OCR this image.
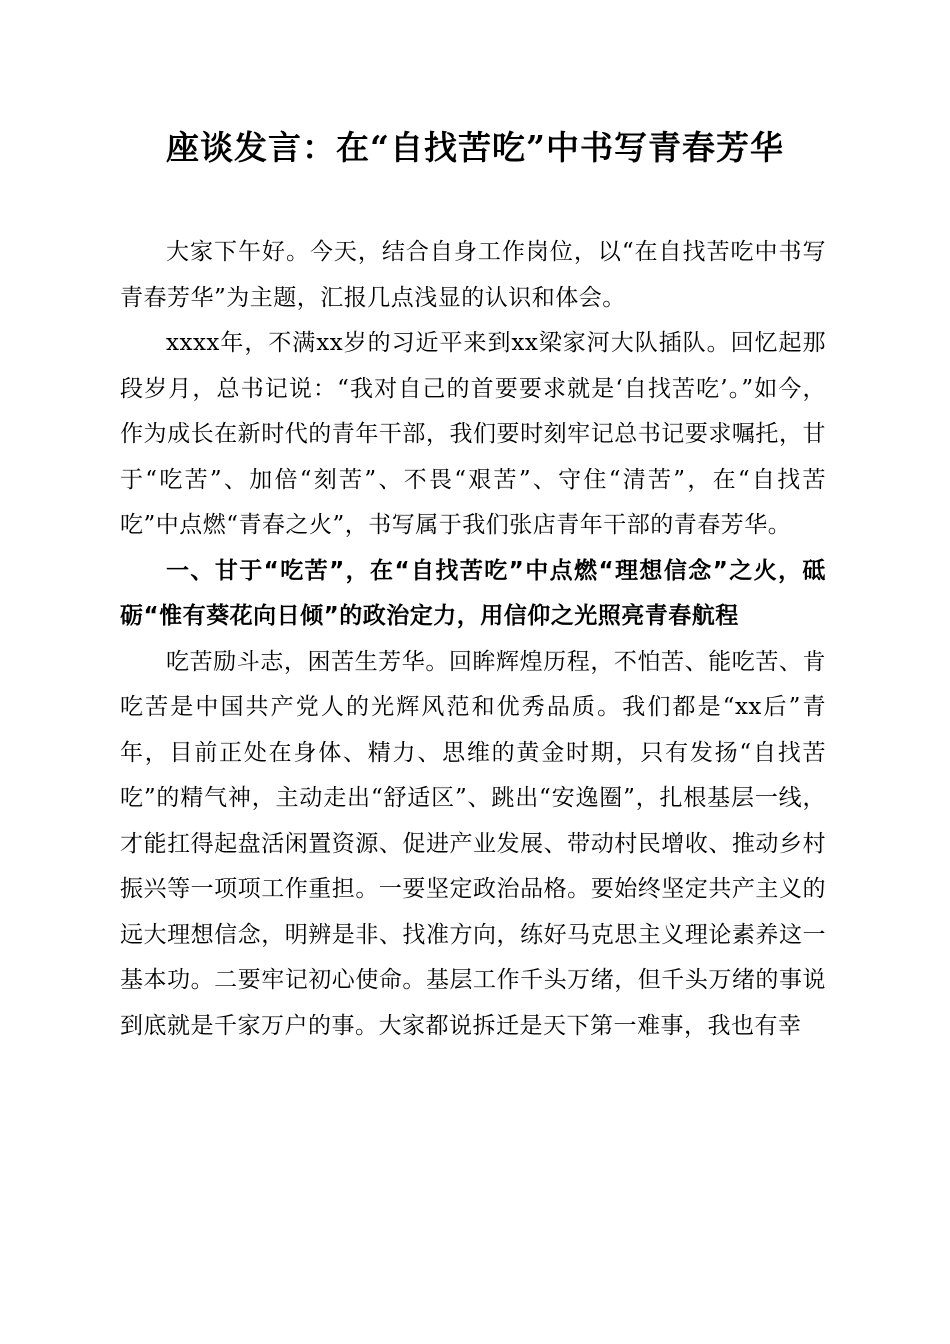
座谈发言：在“自找苦吃”中书写青春芳华

大家下午好。今天，结合自身工作岗位，以“在自找苦吃中书写青春芳华”为主题，汇报几点浅显的认识和体会。

xxxx年，不满xx岁的习近平来到xx梁家河大队插队。回忆起那段岁月，总书记说：“我对自己的首要要求就是‘自找苦吃’。”如今，作为成长在新时代的青年干部，我们要时刻牢记总书记要求嘱托，甘于“吃苦”、加倍“刻苦”、不畏“艰苦”、守住“清苦”，在“自找苦吃”中点燃“青春之火”，书写属于我们张店青年干部的青春芳华。

一、甘于“吃苦”，在“自找苦吃”中点燃“理想信念”之火，砥砺“惟有葵花向日倾”的政治定力，用信仰之光照亮青春航程

吃苦励斗志，困苦生芳华。回眸辉煌历程，不怕苦、能吃苦、肯吃苦是中国共产党人的光辉风范和优秀品质。我们都是“xx后”青年，目前正处在身体、精力、思维的黄金时期，只有发扬“自找苦吃”的精气神，主动走出“舒适区”、跳出“安逸圈”，扎根基层一线，才能扛得起盘活闲置资源、促进产业发展、带动村民增收、推动乡村振兴等一项项工作重担。一要坚定政治品格。要始终坚定共产主义的远大理想信念，明辨是非、找准方向，练好马克思主义理论素养这一基本功。二要牢记初心使命。基层工作千头万绪，但千头万绪的事说到底就是千家万户的事。大家都说拆迁是天下第一难事，我也有幸
